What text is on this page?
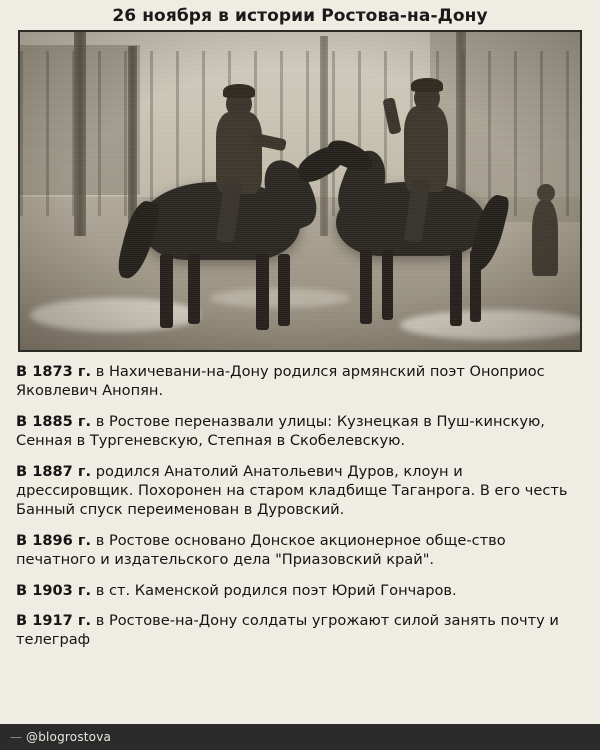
26 ноября в истории Ростова-на-Дону
В 1873 г. в Нахичевани-на-Дону родился армянский поэт Оноприос Яковлевич Анопян.
В 1885 г. в Ростове переназвали улицы: Кузнецкая в Пуш-кинскую, Сенная в Тургеневскую, Степная в Скобелевскую.
В 1887 г. родился Анатолий Анатольевич Дуров, клоун и дрессировщик. Похоронен на старом кладбище Таганрога. В его честь Банный спуск переименован в Дуровский.
В 1896 г. в Ростове основано Донское акционерное обще-ство печатного и издательского дела "Приазовский край".
В 1903 г. в ст. Каменской родился поэт Юрий Гончаров.
В 1917 г. в Ростове-на-Дону солдаты угрожают силой занять почту и телеграф
— @blogrostova
